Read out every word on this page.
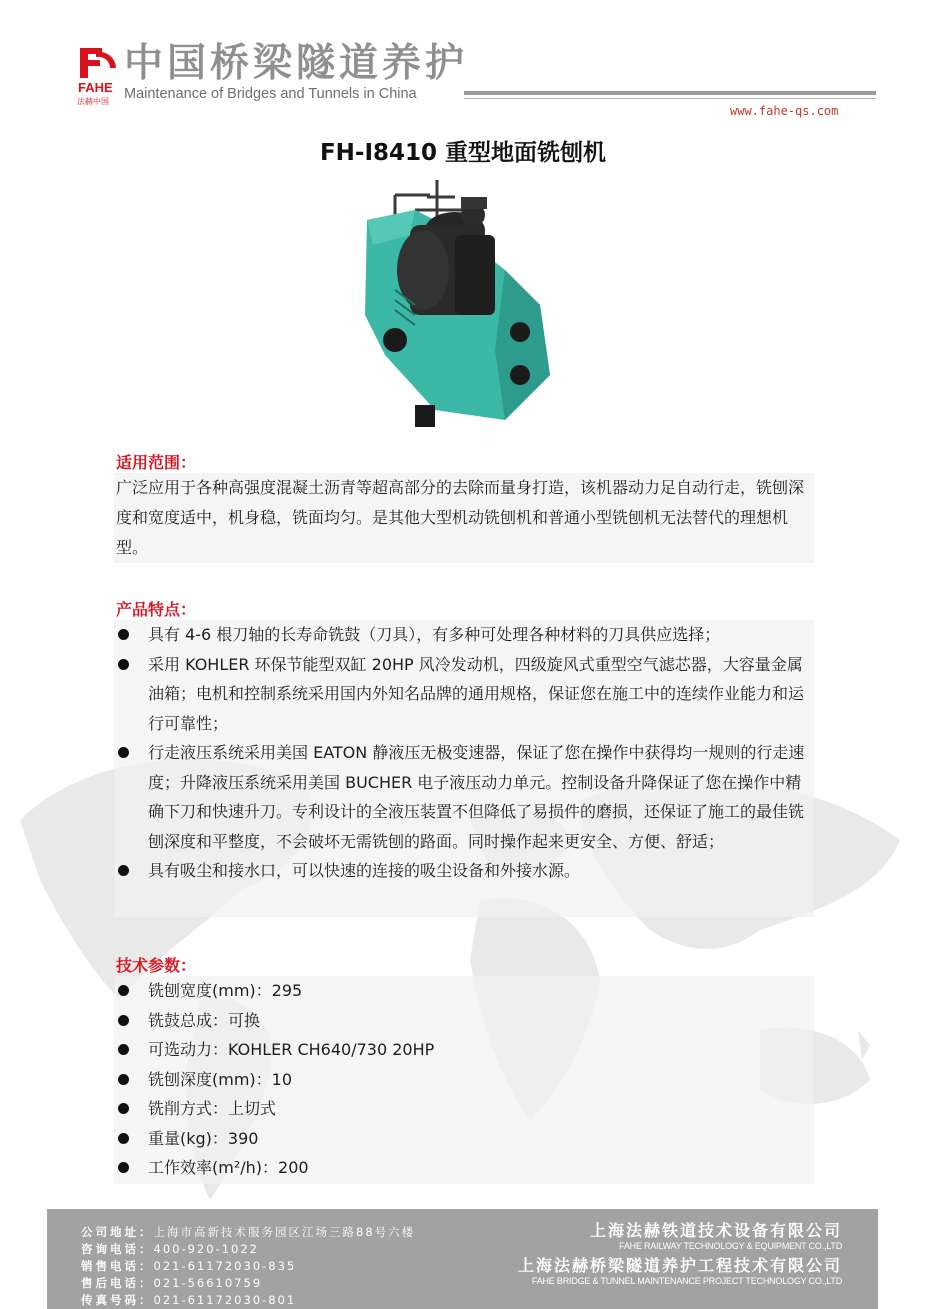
FAHE
法赫中国
中国桥梁隧道养护

Maintenance of Bridges and Tunnels in China

www.fahe-qs.com

FH-I8410 重型地面铣刨机
适用范围：

广泛应用于各种高强度混凝土沥青等超高部分的去除而量身打造，该机器动力足自动行走，铣刨深度和宽度适中，机身稳，铣面均匀。是其他大型机动铣刨机和普通小型铣刨机无法替代的理想机型。

产品特点：
具有 4-6 根刀轴的长寿命铣鼓（刀具），有多种可处理各种材料的刀具供应选择；
采用 KOHLER 环保节能型双缸 20HP 风冷发动机，四级旋风式重型空气滤芯器，大容量金属油箱；电机和控制系统采用国内外知名品牌的通用规格，保证您在施工中的连续作业能力和运行可靠性；
行走液压系统采用美国 EATON 静液压无极变速器，保证了您在操作中获得均一规则的行走速度；升降液压系统采用美国 BUCHER 电子液压动力单元。控制设备升降保证了您在操作中精确下刀和快速升刀。专利设计的全液压装置不但降低了易损件的磨损，还保证了施工的最佳铣刨深度和平整度，不会破坏无需铣刨的路面。同时操作起来更安全、方便、舒适；
具有吸尘和接水口，可以快速的连接的吸尘设备和外接水源。
技术参数：
铣刨宽度(mm)：295
铣鼓总成：可换
可选动力：KOHLER CH640/730 20HP
铣刨深度(mm)：10
铣削方式：上切式
重量(kg)：390
工作效率(m²/h)：200
公司地址：上海市高新技术服务园区江场三路88号六楼
咨询电话：400-920-1022
销售电话：021-61172030-835
售后电话：021-56610759
传真号码：021-61172030-801
上海法赫铁道技术设备有限公司
FAHE RAILWAY TECHNOLOGY & EQUIPMENT CO.,LTD
上海法赫桥梁隧道养护工程技术有限公司
FAHE BRIDGE & TUNNEL MAINTENANCE PROJECT TECHNOLOGY CO.,LTD
